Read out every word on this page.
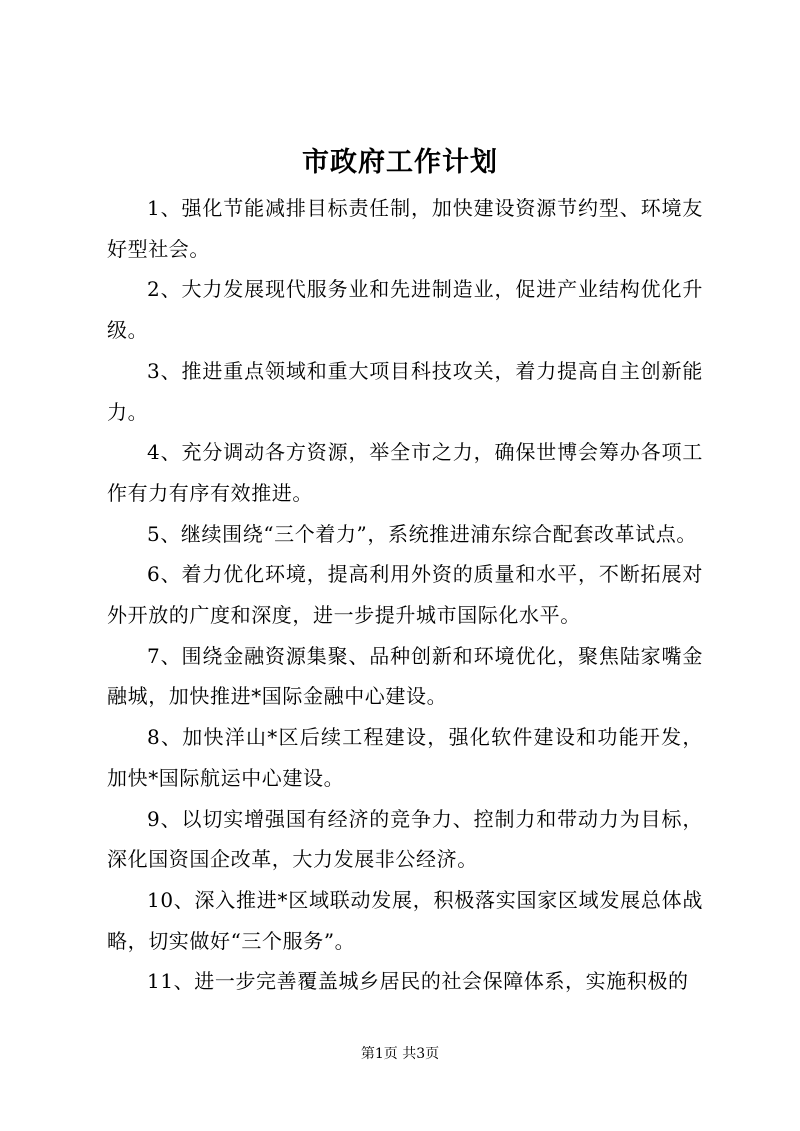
市政府工作计划

1、强化节能减排目标责任制，加快建设资源节约型、环境友好型社会。

2、大力发展现代服务业和先进制造业，促进产业结构优化升级。

3、推进重点领域和重大项目科技攻关，着力提高自主创新能力。

4、充分调动各方资源，举全市之力，确保世博会筹办各项工作有力有序有效推进。

5、继续围绕“三个着力”，系统推进浦东综合配套改革试点。

6、着力优化环境，提高利用外资的质量和水平，不断拓展对外开放的广度和深度，进一步提升城市国际化水平。

7、围绕金融资源集聚、品种创新和环境优化，聚焦陆家嘴金融城，加快推进*国际金融中心建设。

8、加快洋山*区后续工程建设，强化软件建设和功能开发，加快*国际航运中心建设。

9、以切实增强国有经济的竞争力、控制力和带动力为目标，深化国资国企改革，大力发展非公经济。

10、深入推进*区域联动发展，积极落实国家区域发展总体战略，切实做好“三个服务”。

11、进一步完善覆盖城乡居民的社会保障体系，实施积极的

第1页 共3页
